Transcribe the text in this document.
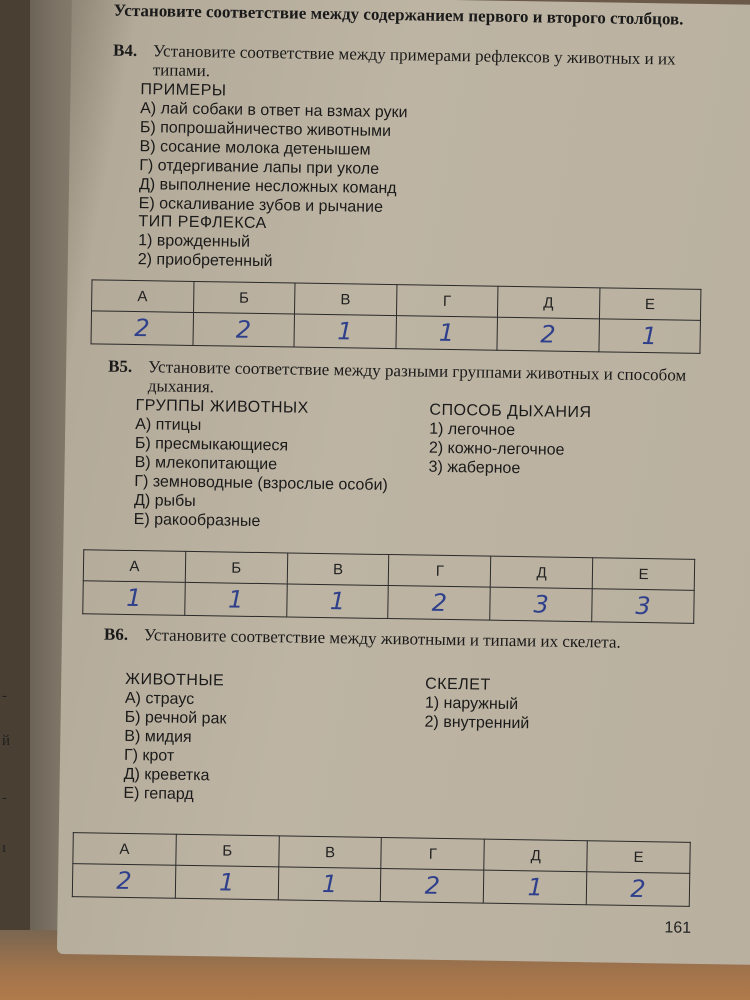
-
й
-
ı

Установите соответствие между содержанием первого и второго столбцов.

В4. Установите соответствие между примерами рефлексов у животных и их типами.
ПРИМЕРЫ
А) лай собаки в ответ на взмах руки
Б) попрошайничество животными
В) сосание молока детенышем
Г) отдергивание лапы при уколе
Д) выполнение несложных команд
Е) оскаливание зубов и рычание
ТИП РЕФЛЕКСА
1) врожденный
2) приобретенный
А	Б	В	Г	Д	Е
2	2	1	1	2	1
В5. Установите соответствие между разными группами животных и способом дыхания.
ГРУППЫ ЖИВОТНЫХ
А) птицы
Б) пресмыкающиеся
В) млекопитающие
Г) земноводные (взрослые особи)
Д) рыбы
Е) ракообразные
СПОСОБ ДЫХАНИЯ
1) легочное
2) кожно-легочное
3) жаберное
А	Б	В	Г	Д	Е
1	1	1	2	3	3
В6. Установите соответствие между животными и типами их скелета.
ЖИВОТНЫЕ
А) страус
Б) речной рак
В) мидия
Г) крот
Д) креветка
Е) гепард
СКЕЛЕТ
1) наружный
2) внутренний
А	Б	В	Г	Д	Е
2	1	1	2	1	2
161
